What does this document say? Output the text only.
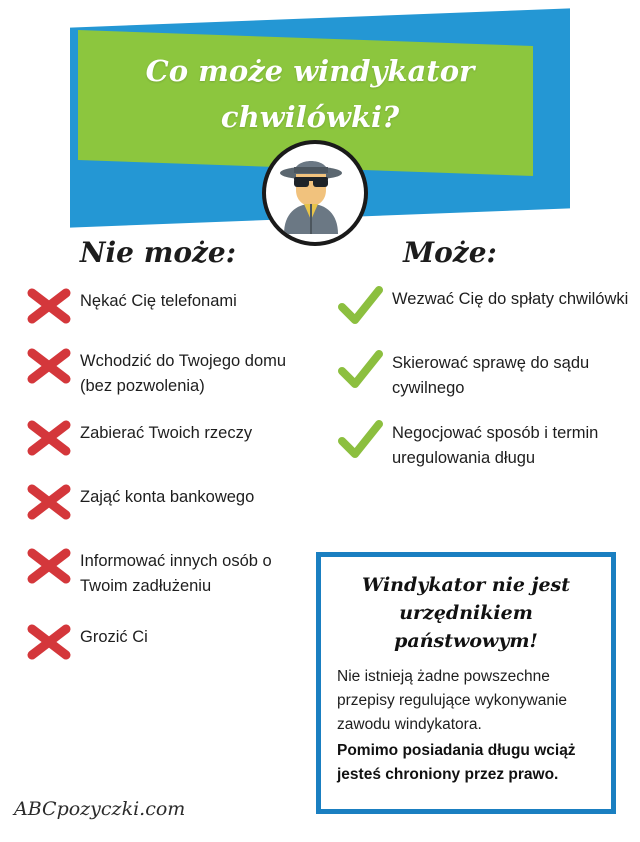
Co może windykator
chwilówki?
Nie może:
Nękać Cię telefonami
Wchodzić do Twojego domu (bez pozwolenia)
Zabierać Twoich rzeczy
Zająć konta bankowego
Informować innych osób o Twoim zadłużeniu
Grozić Ci
Może:
Wezwać Cię do spłaty chwilówki
Skierować sprawę do sądu cywilnego
Negocjować sposób i termin uregulowania długu
Windykator nie jest
urzędnikiem państwowym!
Nie istnieją żadne powszechne przepisy regulujące wykonywanie zawodu windykatora.
Pomimo posiadania długu wciąż jesteś chroniony przez prawo.
ABCpozyczki.com
